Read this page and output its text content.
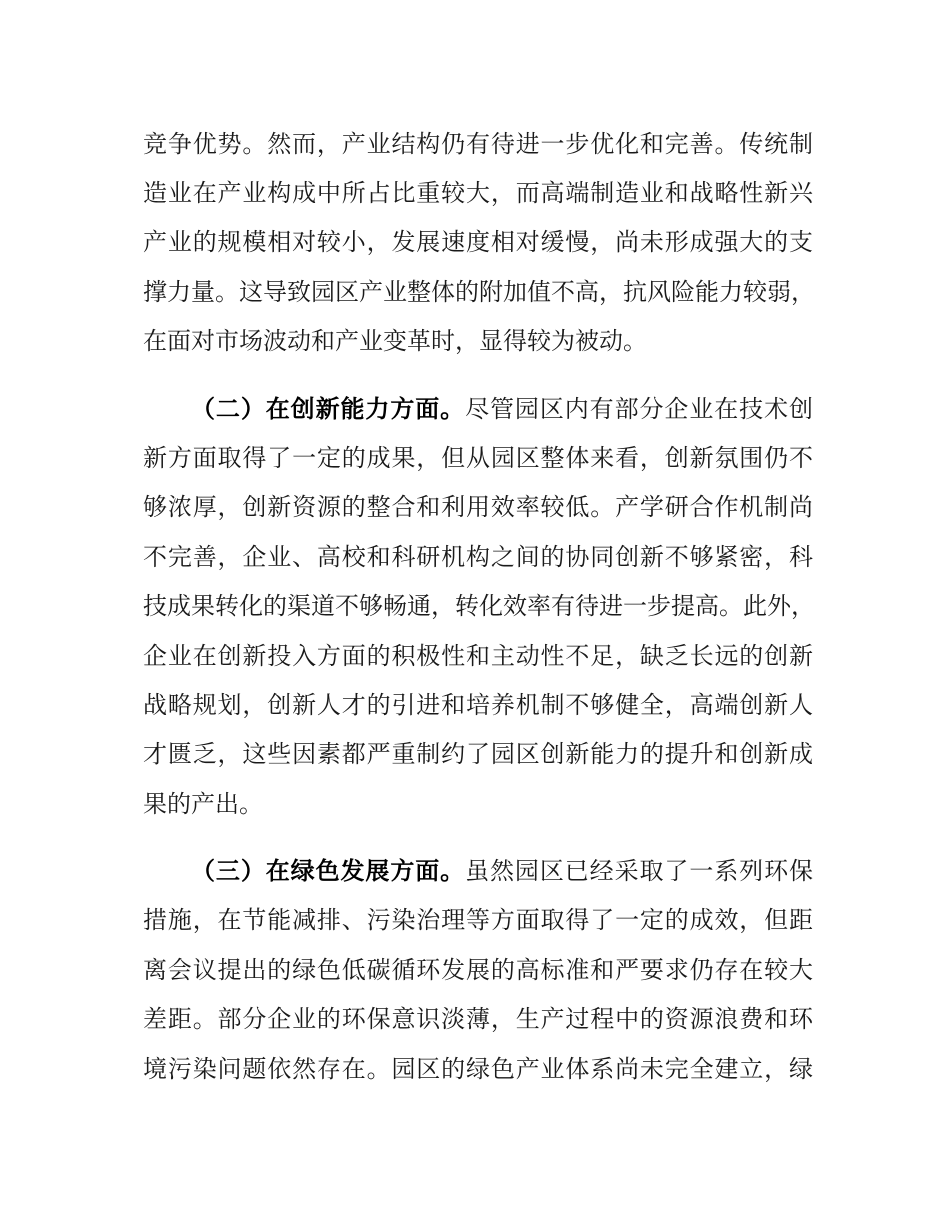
竞争优势。然而，产业结构仍有待进一步优化和完善。传统制
造业在产业构成中所占比重较大，而高端制造业和战略性新兴
产业的规模相对较小，发展速度相对缓慢，尚未形成强大的支
撑力量。这导致园区产业整体的附加值不高，抗风险能力较弱，
在面对市场波动和产业变革时，显得较为被动。
（二）在创新能力方面。尽管园区内有部分企业在技术创
新方面取得了一定的成果，但从园区整体来看，创新氛围仍不
够浓厚，创新资源的整合和利用效率较低。产学研合作机制尚
不完善，企业、高校和科研机构之间的协同创新不够紧密，科
技成果转化的渠道不够畅通，转化效率有待进一步提高。此外，
企业在创新投入方面的积极性和主动性不足，缺乏长远的创新
战略规划，创新人才的引进和培养机制不够健全，高端创新人
才匮乏，这些因素都严重制约了园区创新能力的提升和创新成
果的产出。
（三）在绿色发展方面。虽然园区已经采取了一系列环保
措施，在节能减排、污染治理等方面取得了一定的成效，但距
离会议提出的绿色低碳循环发展的高标准和严要求仍存在较大
差距。部分企业的环保意识淡薄，生产过程中的资源浪费和环
境污染问题依然存在。园区的绿色产业体系尚未完全建立，绿
